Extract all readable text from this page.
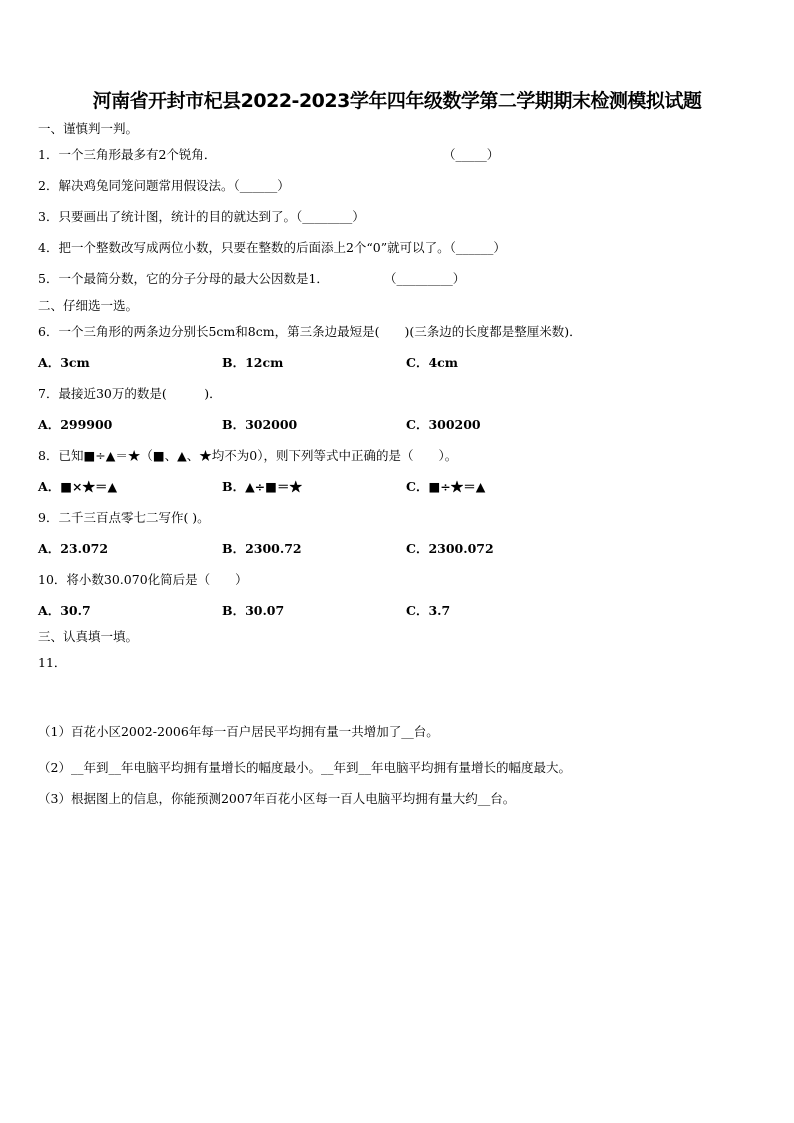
河南省开封市杞县2022-2023学年四年级数学第二学期期末检测模拟试题
一、谨慎判一判。
1．一个三角形最多有2个锐角．	（_____）
2．解决鸡兔同笼问题常用假设法。（______）
3．只要画出了统计图，统计的目的就达到了。（________）
4．把一个整数改写成两位小数，只要在整数的后面添上2个“0”就可以了。（______）
5．一个最简分数，它的分子分母的最大公因数是1．	（_________）
二、仔细选一选。
6．一个三角形的两条边分别长5cm和8cm，第三条边最短是(　　)(三条边的长度都是整厘米数)．
A．3cm	B．12cm	C．4cm
7．最接近30万的数是(　　　)．
A．299900	B．302000	C．300200
8．已知■÷▲＝★（■、▲、★均不为0），则下列等式中正确的是（　　）。
A．■×★＝▲	B．▲÷■＝★	C．■÷★＝▲
9．二千三百点零七二写作( )。
A．23.072	B．2300.72	C．2300.072
10．将小数30.070化简后是（　　）
A．30.7	B．30.07	C．3.7
三、认真填一填。
11．
（1）百花小区2002-2006年每一百户居民平均拥有量一共增加了__台。
（2）__年到__年电脑平均拥有量增长的幅度最小。__年到__年电脑平均拥有量增长的幅度最大。
（3）根据图上的信息，你能预测2007年百花小区每一百人电脑平均拥有量大约__台。
